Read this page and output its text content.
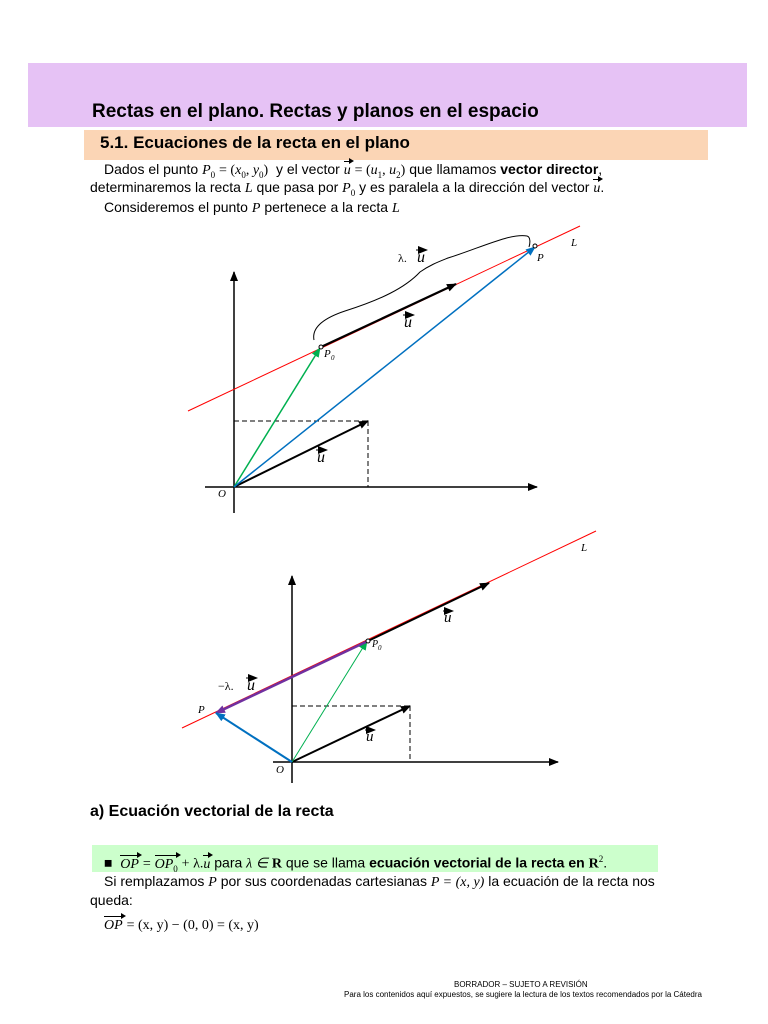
Rectas en el plano. Rectas y planos en el espacio
5.1. Ecuaciones de la recta en el plano
Dados el punto $P_0 = (x_0$, $y_0$) y el vector $u = (u_1$, $u_2$) que llamamos vector director,
determinaremos la recta L que pasa por $P_0$ y es paralela a la dirección del vector u.
Consideremos el punto P pertenece a la recta L
L
P
P 0
O
u
u
λ. u
L
P
P 0
O
u
u
−λ. u
a) Ecuación vectorial de la recta
■ OP = $OP_0 + \lambda.u$ para λ ∈ R que se llama ecuación vectorial de la recta en $R^2$.
Si remplazamos P por sus coordenadas cartesianas P = (x, y) la ecuación de la recta nos
queda:
OP = (x, y) − (0, 0) = (x, y)
BORRADOR – SUJETO A REVISIÓN
Para los contenidos aquí expuestos, se sugiere la lectura de los textos recomendados por la Cátedra
